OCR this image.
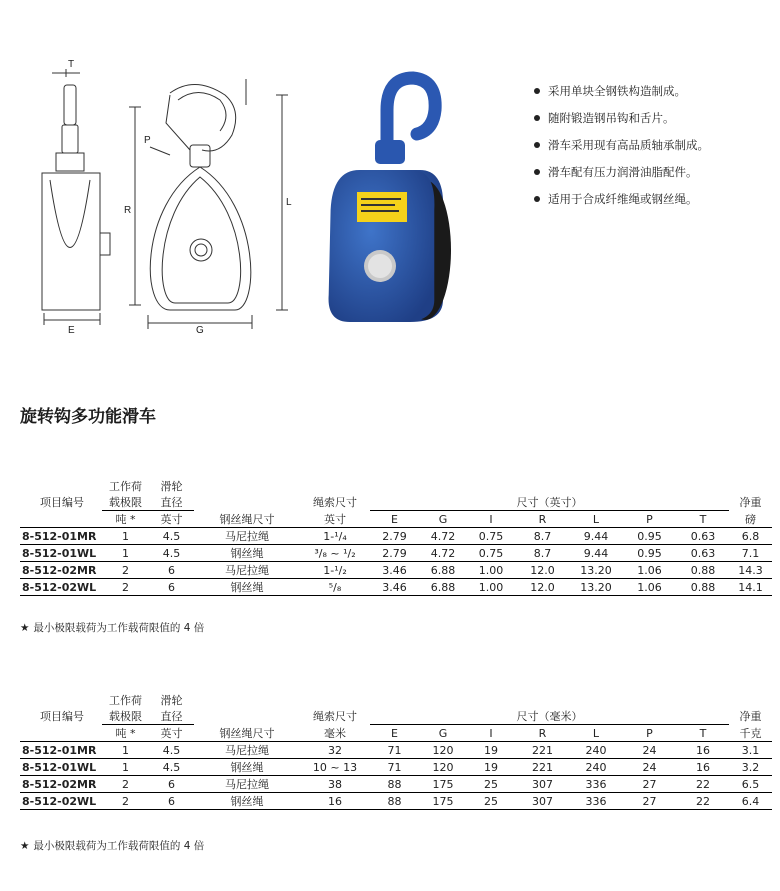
T
E
R
P
G
L
采用单块全钢铁构造制成。
随附锻造钢吊钩和舌片。
滑车采用现有高品质轴承制成。
滑车配有压力润滑油脂配件。
适用于合成纤维绳或钢丝绳。
旋转钩多功能滑车
	工作荷	滑轮										
项目编号	载极限	直径		绳索尺寸	尺寸（英寸）							净重
	吨 *	英寸	钢丝绳尺寸	英寸	E	G	I	R	L	P	T	磅
8-512-01MR	1	4.5	马尼拉绳	1-¹/₄	2.79	4.72	0.75	8.7	9.44	0.95	0.63	6.8
8-512-01WL	1	4.5	钢丝绳	³/₈ ~ ¹/₂	2.79	4.72	0.75	8.7	9.44	0.95	0.63	7.1
8-512-02MR	2	6	马尼拉绳	1-¹/₂	3.46	6.88	1.00	12.0	13.20	1.06	0.88	14.3
8-512-02WL	2	6	钢丝绳	⁵/₈	3.46	6.88	1.00	12.0	13.20	1.06	0.88	14.1
★ 最小极限载荷为工作载荷限值的 4 倍
	工作荷	滑轮										
项目编号	载极限	直径		绳索尺寸	尺寸（毫米）							净重
	吨 *	英寸	钢丝绳尺寸	毫米	E	G	I	R	L	P	T	千克
8-512-01MR	1	4.5	马尼拉绳	32	71	120	19	221	240	24	16	3.1
8-512-01WL	1	4.5	钢丝绳	10 ~ 13	71	120	19	221	240	24	16	3.2
8-512-02MR	2	6	马尼拉绳	38	88	175	25	307	336	27	22	6.5
8-512-02WL	2	6	钢丝绳	16	88	175	25	307	336	27	22	6.4
★ 最小极限载荷为工作载荷限值的 4 倍
